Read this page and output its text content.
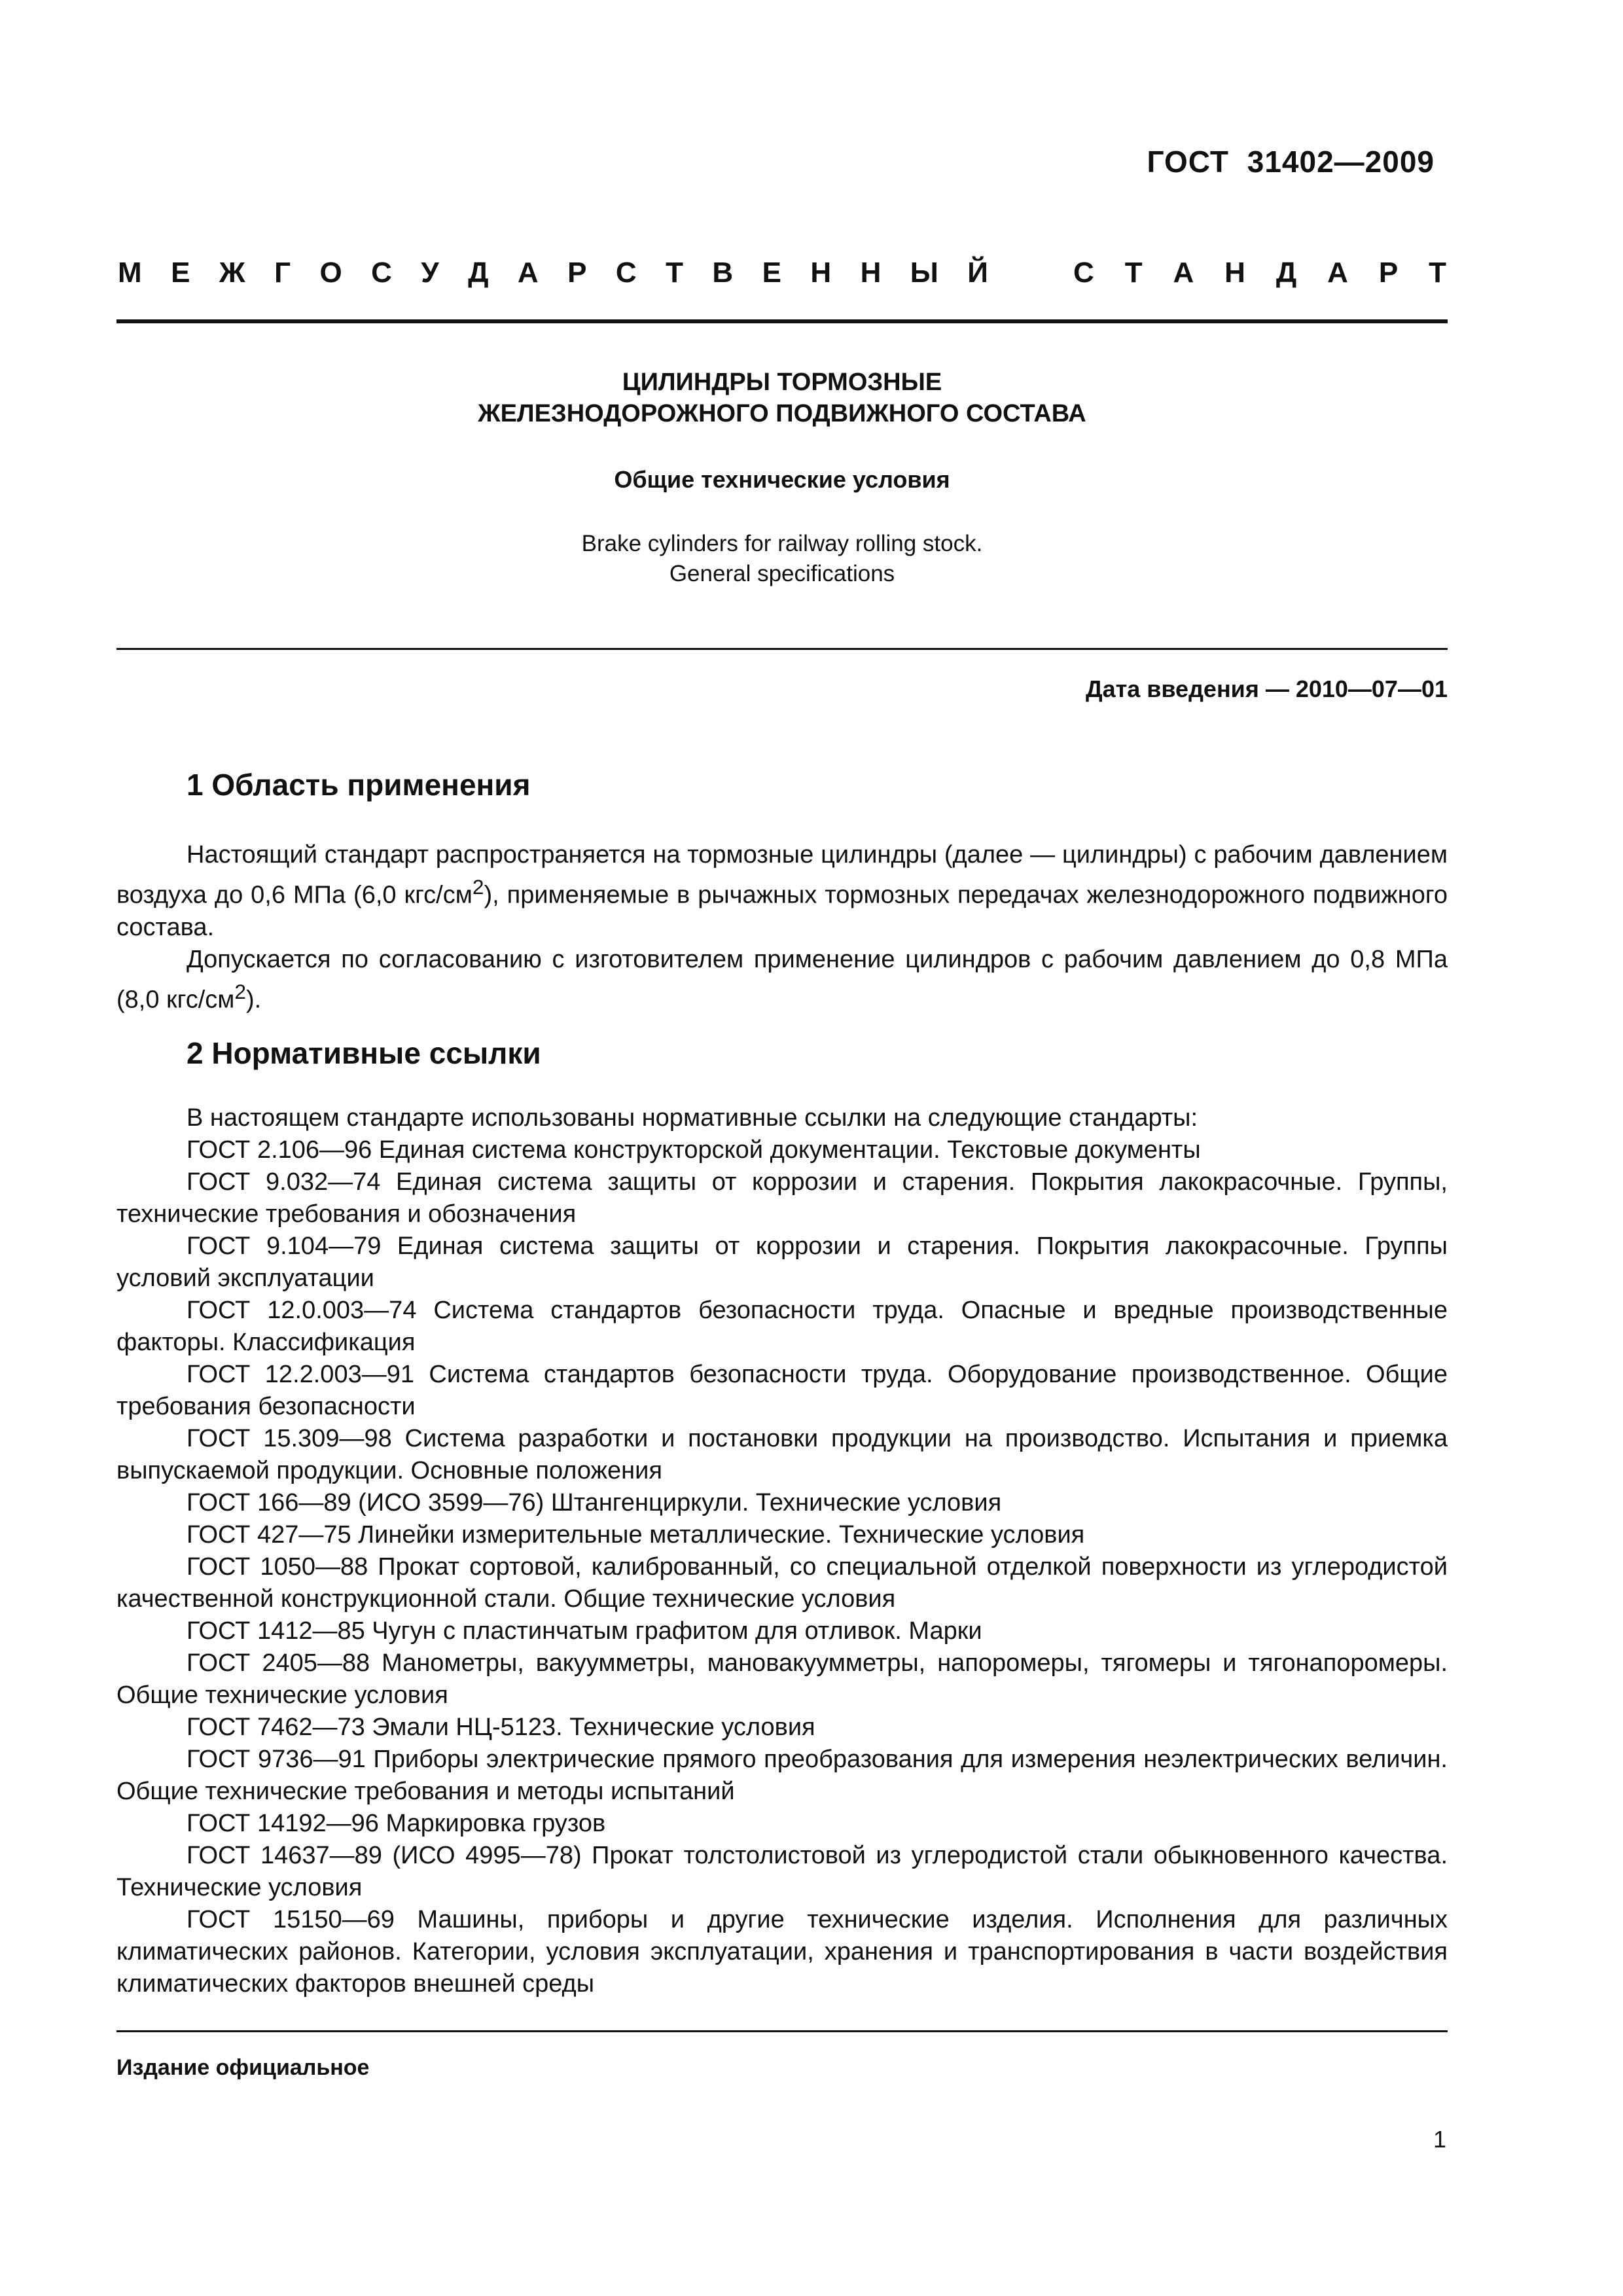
ГОСТ 31402—2009
М Е Ж Г О С У Д А Р С Т В Е Н Н Ы Й	С Т А Н Д А Р Т
ЦИЛИНДРЫ ТОРМОЗНЫЕ
ЖЕЛЕЗНОДОРОЖНОГО ПОДВИЖНОГО СОСТАВА
Общие технические условия
Brake cylinders for railway rolling stock.
General specifications
Дата введения — 2010—07—01
1 Область применения

Настоящий стандарт распространяется на тормозные цилиндры (далее — цилиндры) с рабочим давлением воздуха до 0,6 МПа (6,0 кгс/$см^2$), применяемые в рычажных тормозных передачах железнодорожного подвижного состава.

Допускается по согласованию с изготовителем применение цилиндров с рабочим давлением до 0,8 МПа (8,0 кгс/$см^2$).

2 Нормативные ссылки

В настоящем стандарте использованы нормативные ссылки на следующие стандарты:

ГОСТ 2.106—96 Единая система конструкторской документации. Текстовые документы

ГОСТ 9.032—74 Единая система защиты от коррозии и старения. Покрытия лакокрасочные. Группы, технические требования и обозначения

ГОСТ 9.104—79 Единая система защиты от коррозии и старения. Покрытия лакокрасочные. Группы условий эксплуатации

ГОСТ 12.0.003—74 Система стандартов безопасности труда. Опасные и вредные производственные факторы. Классификация

ГОСТ 12.2.003—91 Система стандартов безопасности труда. Оборудование производственное. Общие требования безопасности

ГОСТ 15.309—98 Система разработки и постановки продукции на производство. Испытания и приемка выпускаемой продукции. Основные положения

ГОСТ 166—89 (ИСО 3599—76) Штангенциркули. Технические условия

ГОСТ 427—75 Линейки измерительные металлические. Технические условия

ГОСТ 1050—88 Прокат сортовой, калиброванный, со специальной отделкой поверхности из углеродистой качественной конструкционной стали. Общие технические условия

ГОСТ 1412—85 Чугун с пластинчатым графитом для отливок. Марки

ГОСТ 2405—88 Манометры, вакуумметры, мановакуумметры, напоромеры, тягомеры и тягонапоромеры. Общие технические условия

ГОСТ 7462—73 Эмали НЦ-5123. Технические условия

ГОСТ 9736—91 Приборы электрические прямого преобразования для измерения неэлектрических величин. Общие технические требования и методы испытаний

ГОСТ 14192—96 Маркировка грузов

ГОСТ 14637—89 (ИСО 4995—78) Прокат толстолистовой из углеродистой стали обыкновенного качества. Технические условия

ГОСТ 15150—69 Машины, приборы и другие технические изделия. Исполнения для различных климатических районов. Категории, условия эксплуатации, хранения и транспортирования в части воздействия климатических факторов внешней среды

Издание официальное
1
